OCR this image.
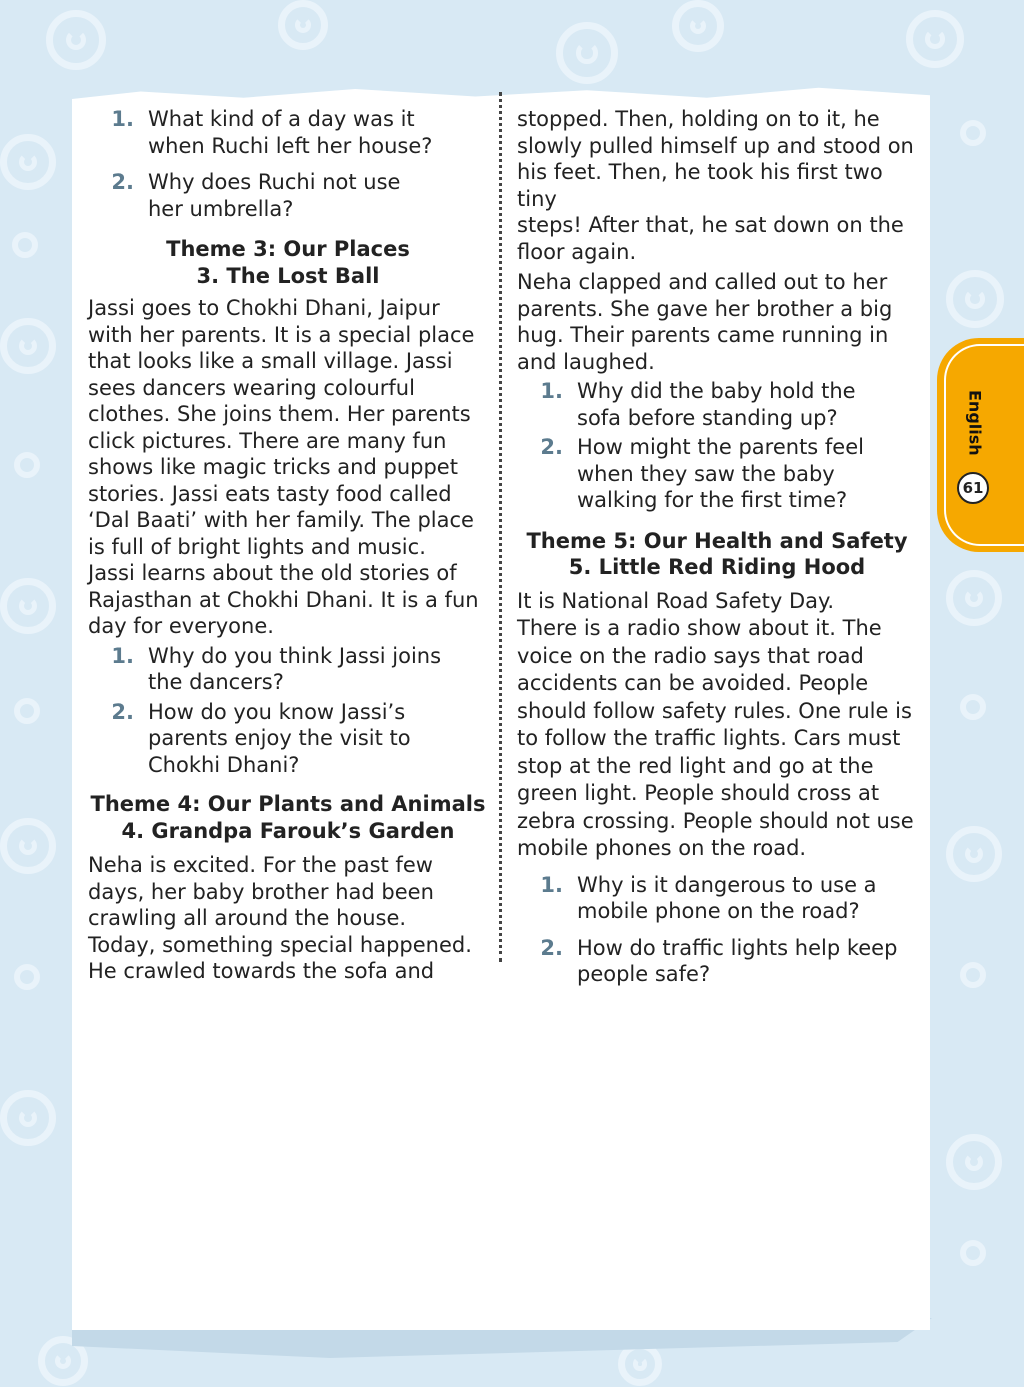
1. What kind of a day was it
when Ruchi left her house?
2. Why does Ruchi not use
her umbrella?

Theme 3: Our Places

3. The Lost Ball

Jassi goes to Chokhi Dhani, Jaipur
with her parents. It is a special place
that looks like a small village. Jassi
sees dancers wearing colourful
clothes. She joins them. Her parents
click pictures. There are many fun
shows like magic tricks and puppet
stories. Jassi eats tasty food called
‘Dal Baati’ with her family. The place
is full of bright lights and music.
Jassi learns about the old stories of
Rajasthan at Chokhi Dhani. It is a fun
day for everyone.
1. Why do you think Jassi joins
the dancers?
2. How do you know Jassi’s
parents enjoy the visit to
Chokhi Dhani?

Theme 4: Our Plants and Animals

4. Grandpa Farouk’s Garden

Neha is excited. For the past few
days, her baby brother had been
crawling all around the house.
Today, something special happened.
He crawled towards the sofa and
stopped. Then, holding on to it, he
slowly pulled himself up and stood on
his feet. Then, he took his first two tiny
steps! After that, he sat down on the
floor again.
Neha clapped and called out to her
parents. She gave her brother a big
hug. Their parents came running in
and laughed.
1. Why did the baby hold the
sofa before standing up?
2. How might the parents feel
when they saw the baby
walking for the first time?

Theme 5: Our Health and Safety

5. Little Red Riding Hood

It is National Road Safety Day.
There is a radio show about it. The
voice on the radio says that road
accidents can be avoided. People
should follow safety rules. One rule is
to follow the traffic lights. Cars must
stop at the red light and go at the
green light. People should cross at
zebra crossing. People should not use
mobile phones on the road.
1. Why is it dangerous to use a
mobile phone on the road?
2. How do traffic lights help keep
people safe?
English
61
